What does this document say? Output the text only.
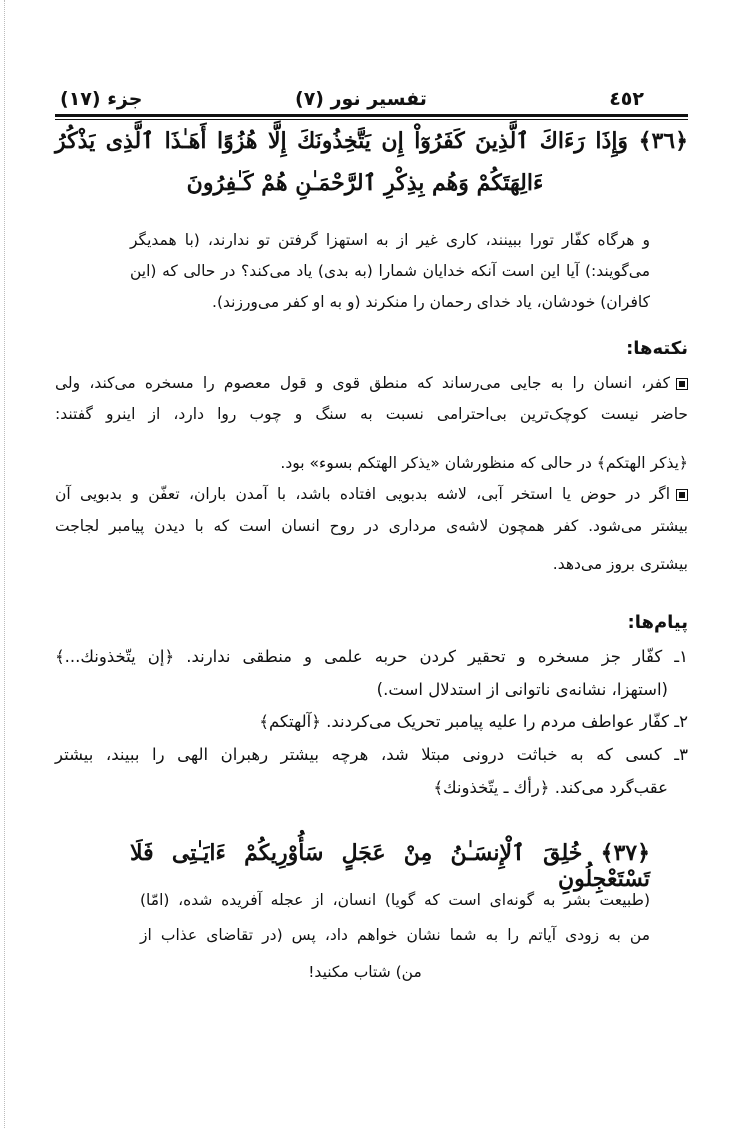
٤٥٢
تفسیر نور (٧)
جزء (١٧)
﴿٣٦﴾ وَإِذَا رَءَاكَ ٱلَّذِينَ كَفَرُوٓاْ إِن يَتَّخِذُونَكَ إِلَّا هُزُوًا أَهَـٰذَا ٱلَّذِى يَذْكُرُ
ءَالِهَتَكُمْ وَهُم بِذِكْرِ ٱلرَّحْمَـٰنِ هُمْ كَـٰفِرُونَ
و هرگاه کفّار تورا ببینند، کاری غیر از به استهزا گرفتن تو ندارند، (با همدیگر
می‌گویند:) آیا این است آنکه خدایان شمارا (به بدی) یاد می‌کند؟ در حالی که (این
کافران) خودشان، یاد خدای رحمان را منکرند (و به او کفر می‌ورزند).
نکته‌ها:
کفر، انسان را به جایی می‌رساند که منطق قوی و قول معصوم را مسخره می‌کند، ولی
حاضر نیست کوچک‌ترین بی‌احترامی نسبت به سنگ و چوب روا دارد، از اینرو گفتند:
﴿یذکر الهتکم﴾ در حالی که منظورشان «یذکر الهتکم بسوء» بود.
اگر در حوض یا استخر آبی، لاشه بدبویی افتاده باشد، با آمدن باران، تعفّن و بدبویی آن
بیشتر می‌شود. کفر همچون لاشه‌ی مرداری در روح انسان است که با دیدن پیامبر لجاجت
بیشتری بروز می‌دهد.
پیام‌ها:
١ـ کفّار جز مسخره و تحقیر کردن حربه علمی و منطقی ندارند. ﴿إن یتّخذونك...﴾
(استهزا، نشانه‌ی ناتوانی از استدلال است.)
٢ـ کفّار عواطف مردم را علیه پیامبر تحریک می‌کردند. ﴿آلهتکم﴾
٣ـ کسی که به خباثت درونی مبتلا شد، هرچه بیشتر رهبران الهی را ببیند، بیشتر
عقب‌گرد می‌کند. ﴿رأك ـ یتّخذونك﴾
﴿٣٧﴾ خُلِقَ ٱلْإِنسَـٰنُ مِنْ عَجَلٍ سَأُوْرِيكُمْ ءَايَـٰتِى فَلَا تَسْتَعْجِلُونِ
(طبیعت بشر به گونه‌ای است که گویا) انسان، از عجله آفریده شده، (امّا)
من به زودی آیاتم را به شما نشان خواهم داد، پس (در تقاضای عذاب از
من) شتاب مکنید!
